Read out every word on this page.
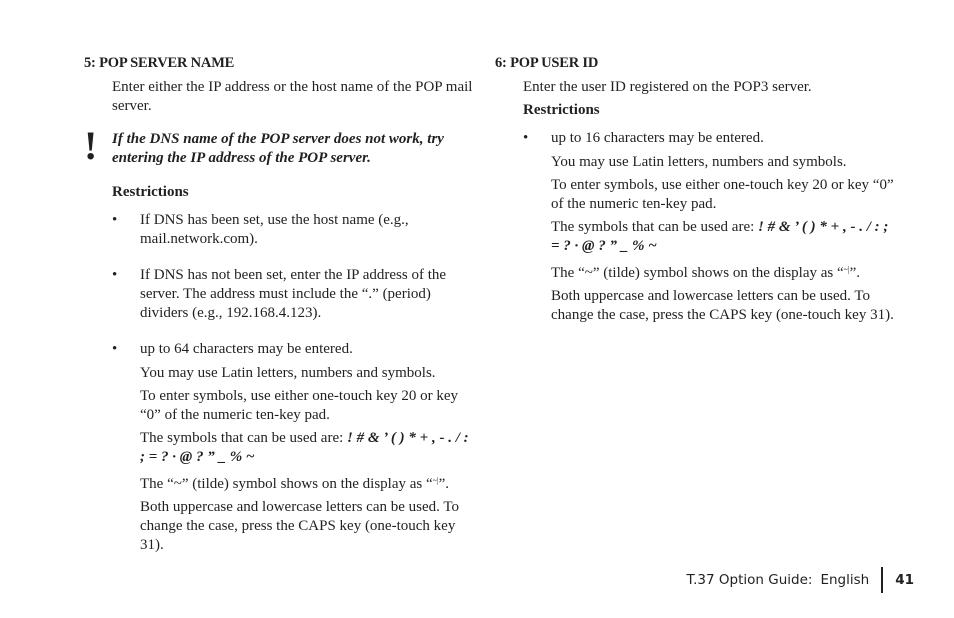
5: POP SERVER NAME

Enter either the IP address or the host name of the POP mail server.

! If the DNS name of the POP server does not work, try entering the IP address of the POP server.
Restrictions
• If DNS has been set, use the host name (e.g., mail.network.com).
• If DNS has not been set, enter the IP address of the server. The address must include the “.” (period) dividers (e.g., 192.168.4.123).
• up to 64 characters may be entered.

You may use Latin letters, numbers and symbols.

To enter symbols, use either one-touch key 20 or key “0” of the numeric ten-key pad.

The symbols that can be used are: ! # & ’ ( ) * + , - . / : ; = ? · @ ? ” _ % ~

The “~” (tilde) symbol shows on the display as “~|”.

Both uppercase and lowercase letters can be used. To change the case, press the CAPS key (one-touch key 31).

6: POP USER ID

Enter the user ID registered on the POP3 server.

Restrictions
• up to 16 characters may be entered.

You may use Latin letters, numbers and symbols.

To enter symbols, use either one-touch key 20 or key “0” of the numeric ten-key pad.

The symbols that can be used are: ! # & ’ ( ) * + , - . / : ; = ? · @ ? ” _ % ~

The “~” (tilde) symbol shows on the display as “~|”.

Both uppercase and lowercase letters can be used. To change the case, press the CAPS key (one-touch key 31).

T.37 Option Guide: English 41
